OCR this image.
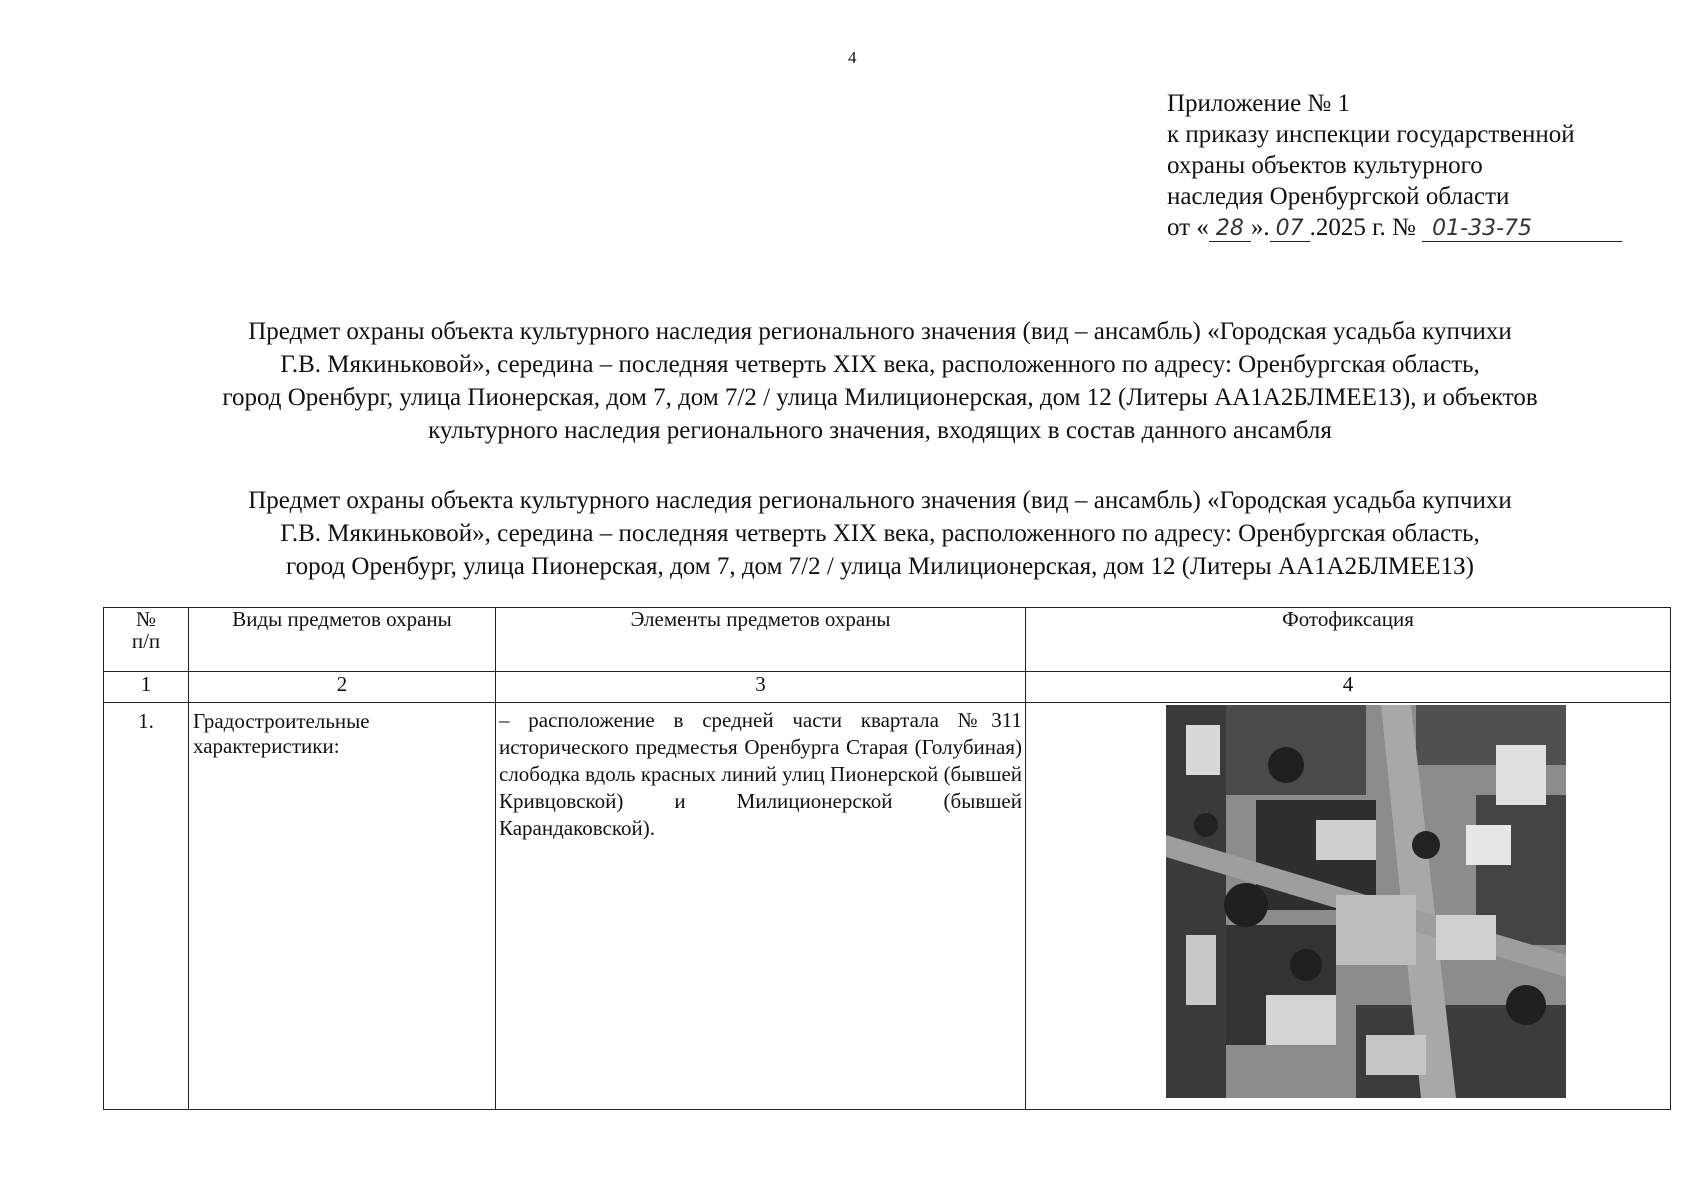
4
Приложение № 1
к приказу инспекции государственной
охраны объектов культурного
наследия Оренбургской области
от « 28 ». 07 .2025 г. № 01-33-75
Предмет охраны объекта культурного наследия регионального значения (вид – ансамбль) «Городская усадьба купчихи
Г.В. Мякиньковой», середина – последняя четверть XIX века, расположенного по адресу: Оренбургская область,
город Оренбург, улица Пионерская, дом 7, дом 7/2 / улица Милиционерская, дом 12 (Литеры АА1А2БЛМЕЕ1З), и объектов
культурного наследия регионального значения, входящих в состав данного ансамбля
Предмет охраны объекта культурного наследия регионального значения (вид – ансамбль) «Городская усадьба купчихи
Г.В. Мякиньковой», середина – последняя четверть XIX века, расположенного по адресу: Оренбургская область,
город Оренбург, улица Пионерская, дом 7, дом 7/2 / улица Милиционерская, дом 12 (Литеры АА1А2БЛМЕЕ1З)
№
п/п	Виды предметов охраны	Элементы предметов охраны	Фотофиксация
1	2	3	4
1.	Градостроительные характеристики:	– расположение в средней части квартала №311 исторического предместья Оренбурга Старая (Голубиная) слободка вдоль красных линий улиц Пионерской (бывшей Кривцовской) и Милиционерской (бывшей Карандаковской).	
